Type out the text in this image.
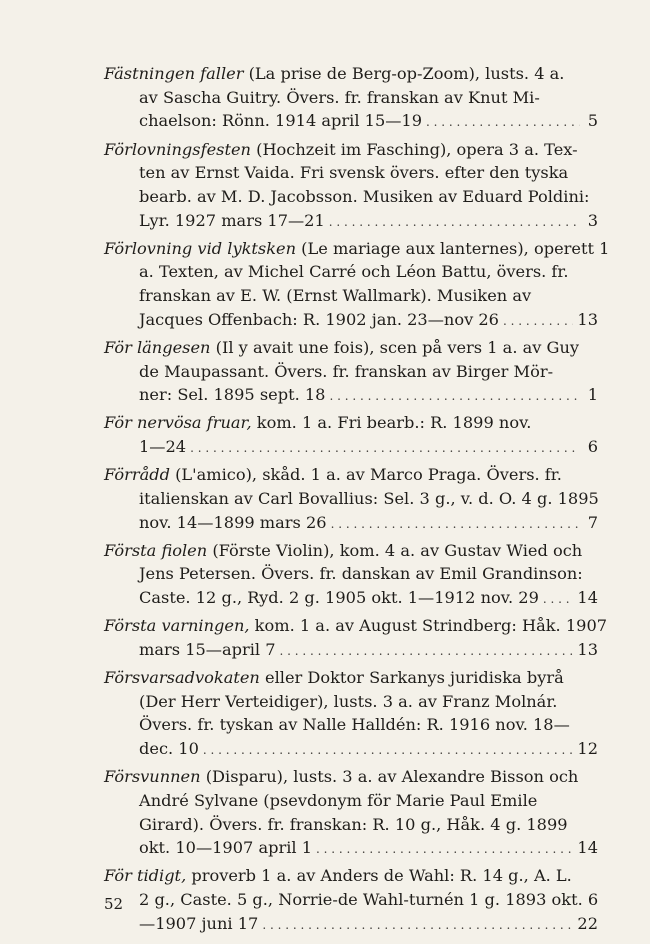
Fästningen faller (La prise de Berg-op-Zoom), lusts. 4 a.
av Sascha Guitry. Övers. fr. franskan av Knut Mi-
chaelson: Rönn. 1914 april 15—19 . . .	5
Förlovningsfesten (Hochzeit im Fasching), opera 3 a. Tex-
ten av Ernst Vaida. Fri svensk övers. efter den tyska
bearb. av M. D. Jacobsson. Musiken av Eduard Poldini:
Lyr. 1927 mars 17—21 . . .	3
Förlovning vid lyktsken (Le mariage aux lanternes), operett 1
a. Texten, av Michel Carré och Léon Battu, övers. fr.
franskan av E. W. (Ernst Wallmark). Musiken av
Jacques Offenbach: R. 1902 jan. 23—nov 26 . . .	13
För längesen (Il y avait une fois), scen på vers 1 a. av Guy
de Maupassant. Övers. fr. franskan av Birger Mör-
ner: Sel. 1895 sept. 18 . . .	1
För nervösa fruar, kom. 1 a. Fri bearb.: R. 1899 nov.
1—24 . . .	6
Förrådd (L'amico), skåd. 1 a. av Marco Praga. Övers. fr.
italienskan av Carl Bovallius: Sel. 3 g., v. d. O. 4 g. 1895
nov. 14—1899 mars 26 . . .	7
Första fiolen (Förste Violin), kom. 4 a. av Gustav Wied och
Jens Petersen. Övers. fr. danskan av Emil Grandinson:
Caste. 12 g., Ryd. 2 g. 1905 okt. 1—1912 nov. 29 . . . 14
Första varningen, kom. 1 a. av August Strindberg: Håk. 1907
mars 15—april 7 . . .	13
Försvarsadvokaten eller Doktor Sarkanys juridiska byrå
(Der Herr Verteidiger), lusts. 3 a. av Franz Molnár.
Övers. fr. tyskan av Nalle Halldén: R. 1916 nov. 18—
dec. 10 . . .	12
Försvunnen (Disparu), lusts. 3 a. av Alexandre Bisson och
André Sylvane (psevdonym för Marie Paul Emile
Girard). Övers. fr. franskan: R. 10 g., Håk. 4 g. 1899
okt. 10—1907 april 1 . . .	14
För tidigt, proverb 1 a. av Anders de Wahl: R. 14 g., A. L.
2 g., Caste. 5 g., Norrie-de Wahl-turnén 1 g. 1893 okt. 6
—1907 juni 17 . . .	22
52
